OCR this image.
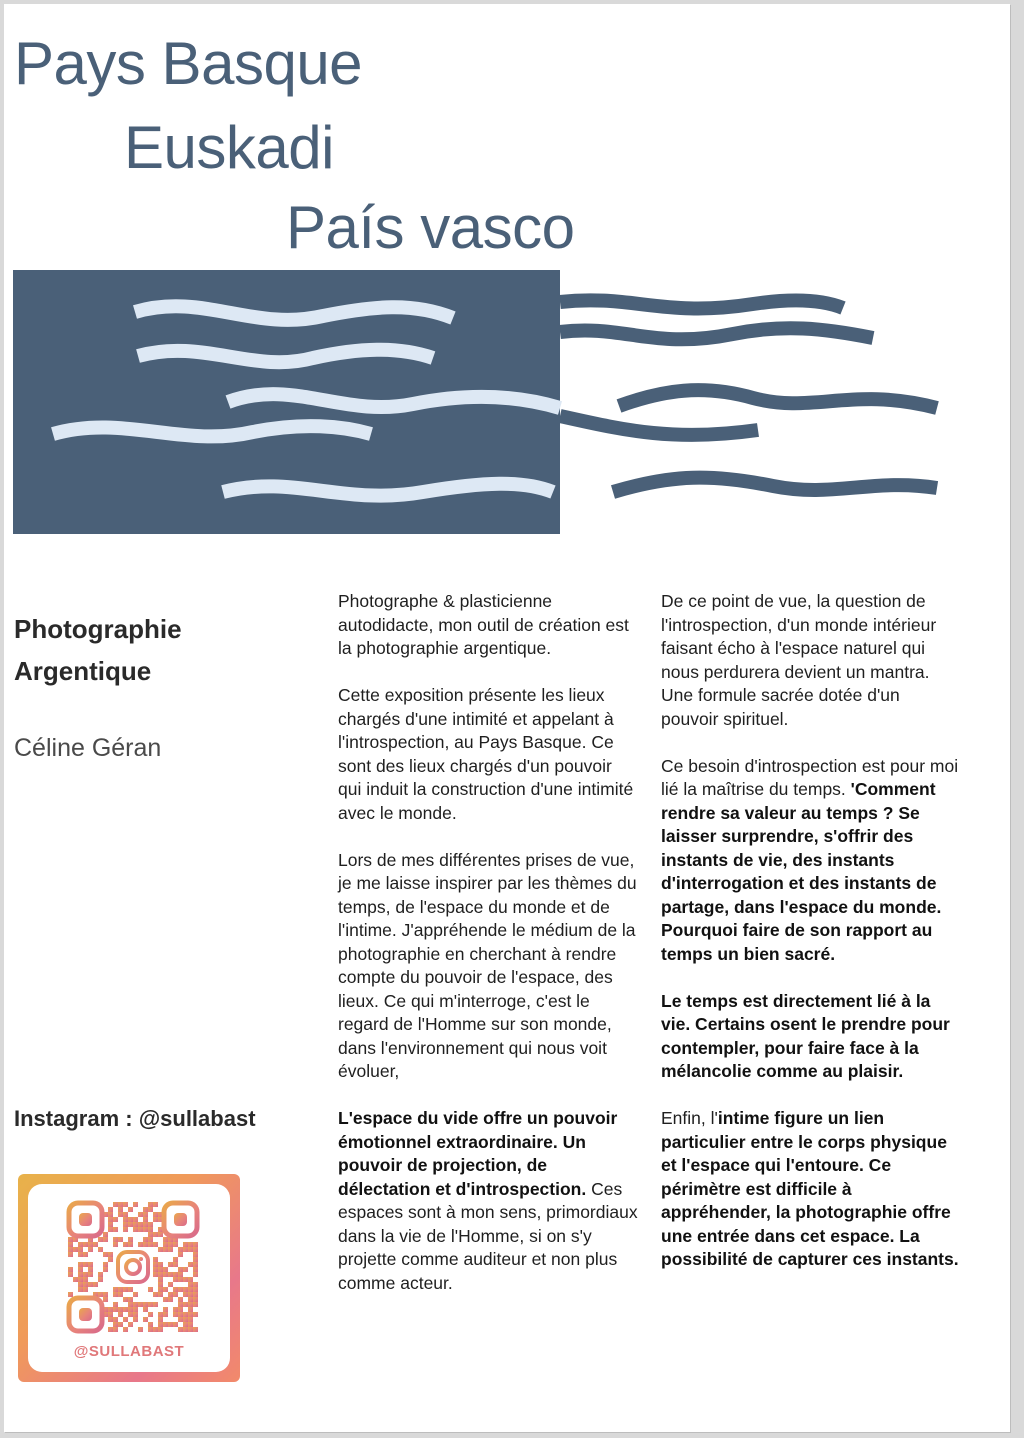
Pays Basque
Euskadi
País vasco
Photographie
Argentique
Céline Géran
Instagram : @sullabast
@SULLABAST

Photographe & plasticienne autodidacte, mon outil de création est la photographie argentique.

Cette exposition présente les lieux chargés d'une intimité et appelant à l'introspection, au Pays Basque. Ce sont des lieux chargés d'un pouvoir qui induit la construction d'une intimité avec le monde.

Lors de mes différentes prises de vue, je me laisse inspirer par les thèmes du temps, de l'espace du monde et de l'intime. J'appréhende le médium de la photographie en cherchant à rendre compte du pouvoir de l'espace, des lieux. Ce qui m'interroge, c'est le regard de l'Homme sur son monde, dans l'environnement qui nous voit évoluer,

L'espace du vide offre un pouvoir émotionnel extraordinaire. Un pouvoir de projection, de délectation et d'introspection. Ces espaces sont à mon sens, primordiaux dans la vie de l'Homme, si on s'y projette comme auditeur et non plus comme acteur.

De ce point de vue, la question de l'introspection, d'un monde intérieur faisant écho à l'espace naturel qui nous perdurera devient un mantra. Une formule sacrée dotée d'un pouvoir spirituel.

Ce besoin d'introspection est pour moi lié la maîtrise du temps. 'Comment rendre sa valeur au temps ? Se laisser surprendre, s'offrir des instants de vie, des instants d'interrogation et des instants de partage, dans l'espace du monde. Pourquoi faire de son rapport au temps un bien sacré.

Le temps est directement lié à la vie. Certains osent le prendre pour contempler, pour faire face à la mélancolie comme au plaisir.

Enfin, l'intime figure un lien particulier entre le corps physique et l'espace qui l'entoure. Ce périmètre est difficile à appréhender, la photographie offre une entrée dans cet espace. La possibilité de capturer ces instants.
